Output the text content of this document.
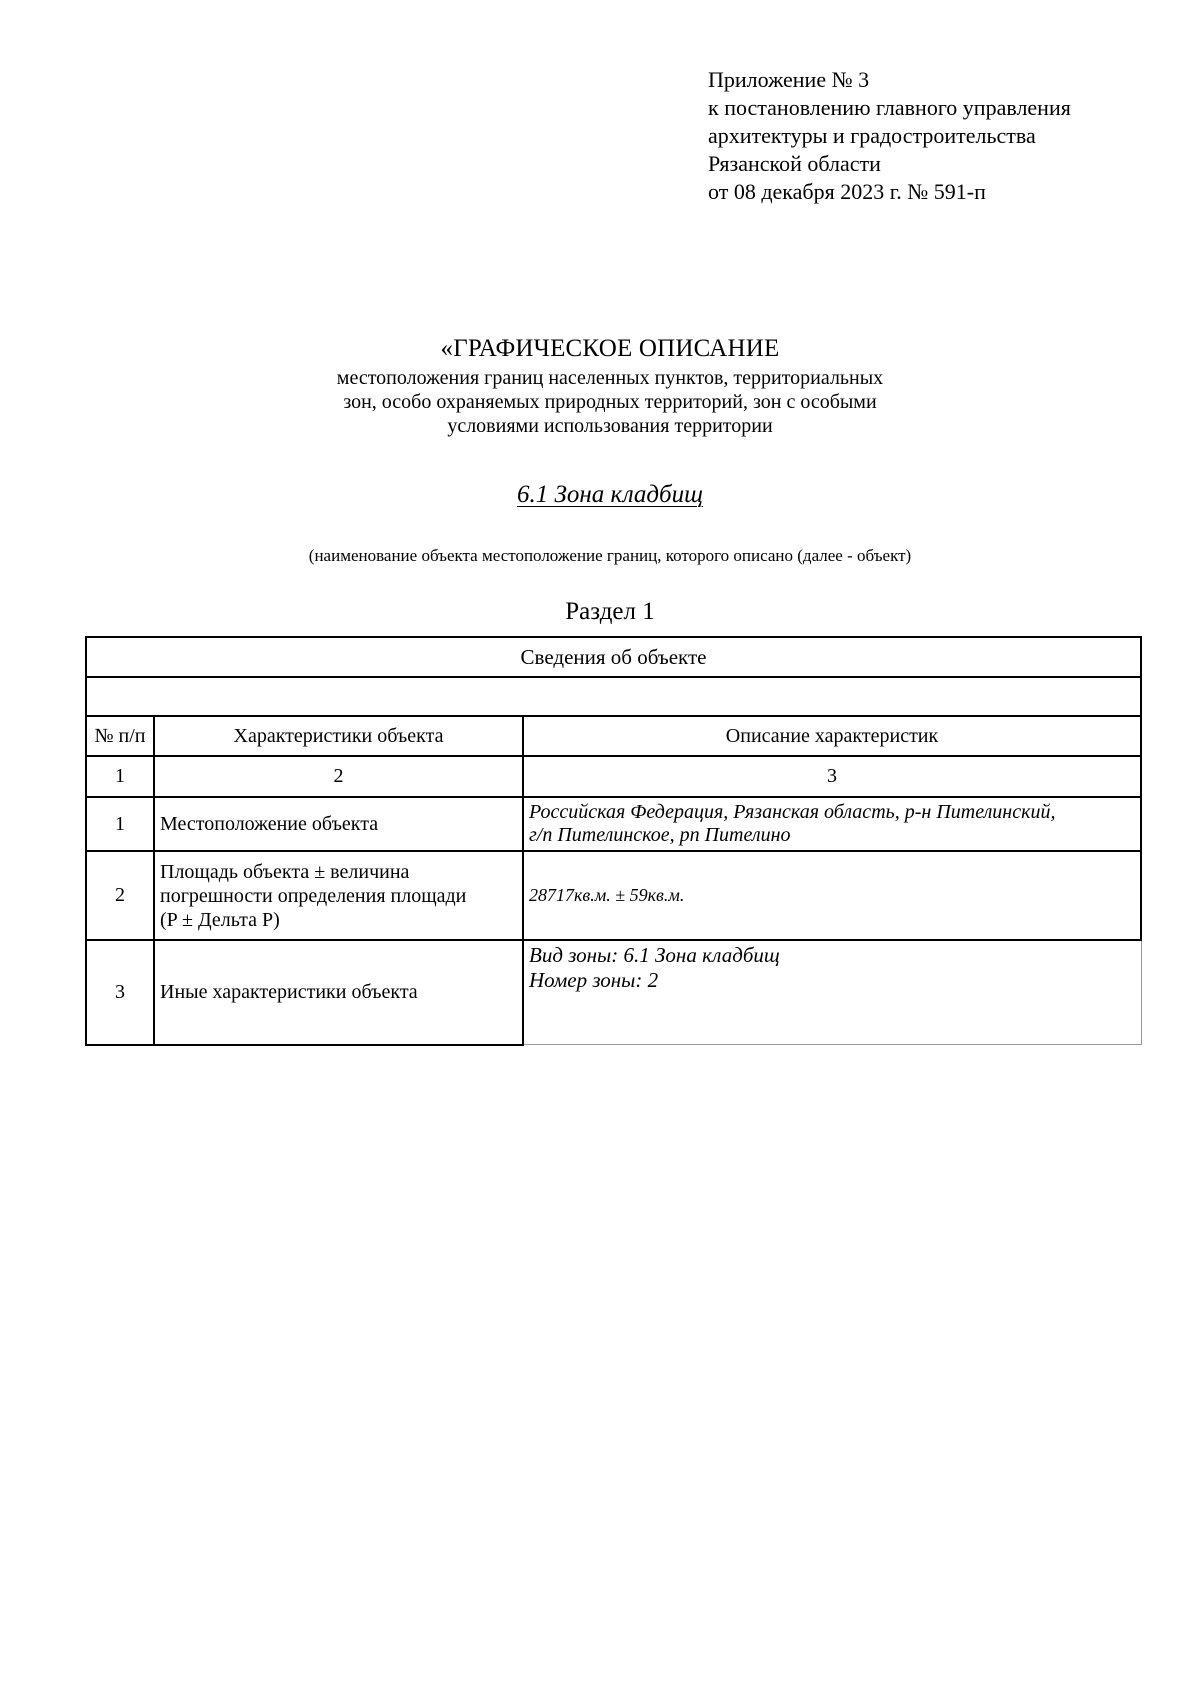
Приложение № 3
к постановлению главного управления
архитектуры и градостроительства
Рязанской области
от 08 декабря 2023 г. № 591-п
«ГРАФИЧЕСКОЕ ОПИСАНИЕ
местоположения границ населенных пунктов, территориальных
зон, особо охраняемых природных территорий, зон с особыми
условиями использования территории
6.1 Зона кладбищ
(наименование объекта местоположение границ, которого описано (далее - объект)
Раздел 1
Сведения об объекте		

№ п/п	Характеристики объекта	Описание характеристик
1	2	3
1	Местоположение объекта	Российская Федерация, Рязанская область, р-н Пителинский,
г/п Пителинское, рп Пителино

2	Площадь объекта ± величина
погрешности определения площади
(P ± Дельта P)	28717кв.м. ± 59кв.м.

3	Иные характеристики объекта	Вид зоны: 6.1 Зона кладбищ
Номер зоны: 2
